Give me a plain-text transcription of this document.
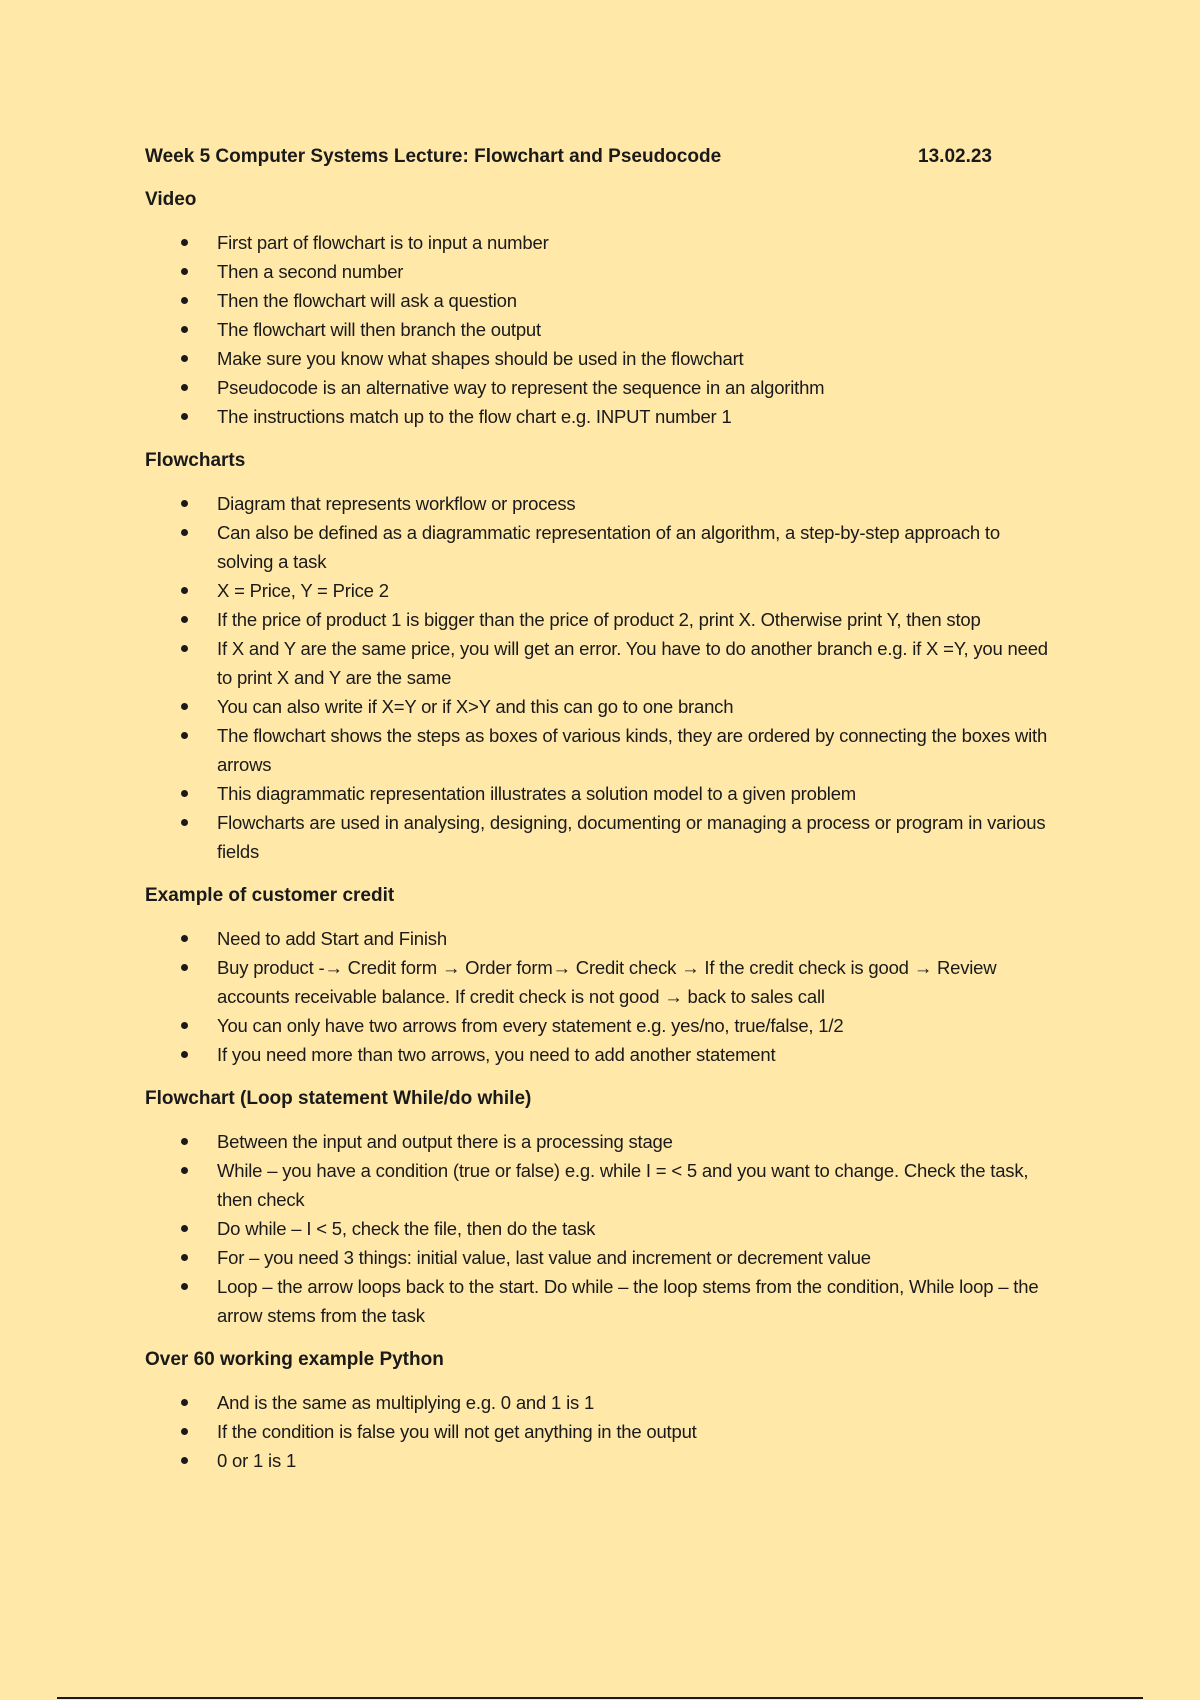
Week 5 Computer Systems Lecture: Flowchart and Pseudocode	13.02.23
Video
First part of flowchart is to input a number
Then a second number
Then the flowchart will ask a question
The flowchart will then branch the output
Make sure you know what shapes should be used in the flowchart
Pseudocode is an alternative way to represent the sequence in an algorithm
The instructions match up to the flow chart e.g. INPUT number 1
Flowcharts
Diagram that represents workflow or process
Can also be defined as a diagrammatic representation of an algorithm, a step-by-step approach to solving a task
X = Price, Y = Price 2
If the price of product 1 is bigger than the price of product 2, print X. Otherwise print Y, then stop
If X and Y are the same price, you will get an error. You have to do another branch e.g. if X =Y, you need to print X and Y are the same
You can also write if X=Y or if X>Y and this can go to one branch
The flowchart shows the steps as boxes of various kinds, they are ordered by connecting the boxes with arrows
This diagrammatic representation illustrates a solution model to a given problem
Flowcharts are used in analysing, designing, documenting or managing a process or program in various fields
Example of customer credit
Need to add Start and Finish
Buy product -→ Credit form → Order form→ Credit check → If the credit check is good → Review accounts receivable balance. If credit check is not good → back to sales call
You can only have two arrows from every statement e.g. yes/no, true/false, 1/2
If you need more than two arrows, you need to add another statement
Flowchart (Loop statement While/do while)
Between the input and output there is a processing stage
While – you have a condition (true or false) e.g. while I = < 5 and you want to change. Check the task, then check
Do while – I < 5, check the file, then do the task
For – you need 3 things: initial value, last value and increment or decrement value
Loop – the arrow loops back to the start. Do while – the loop stems from the condition, While loop – the arrow stems from the task
Over 60 working example Python
And is the same as multiplying e.g. 0 and 1 is 1
If the condition is false you will not get anything in the output
0 or 1 is 1
